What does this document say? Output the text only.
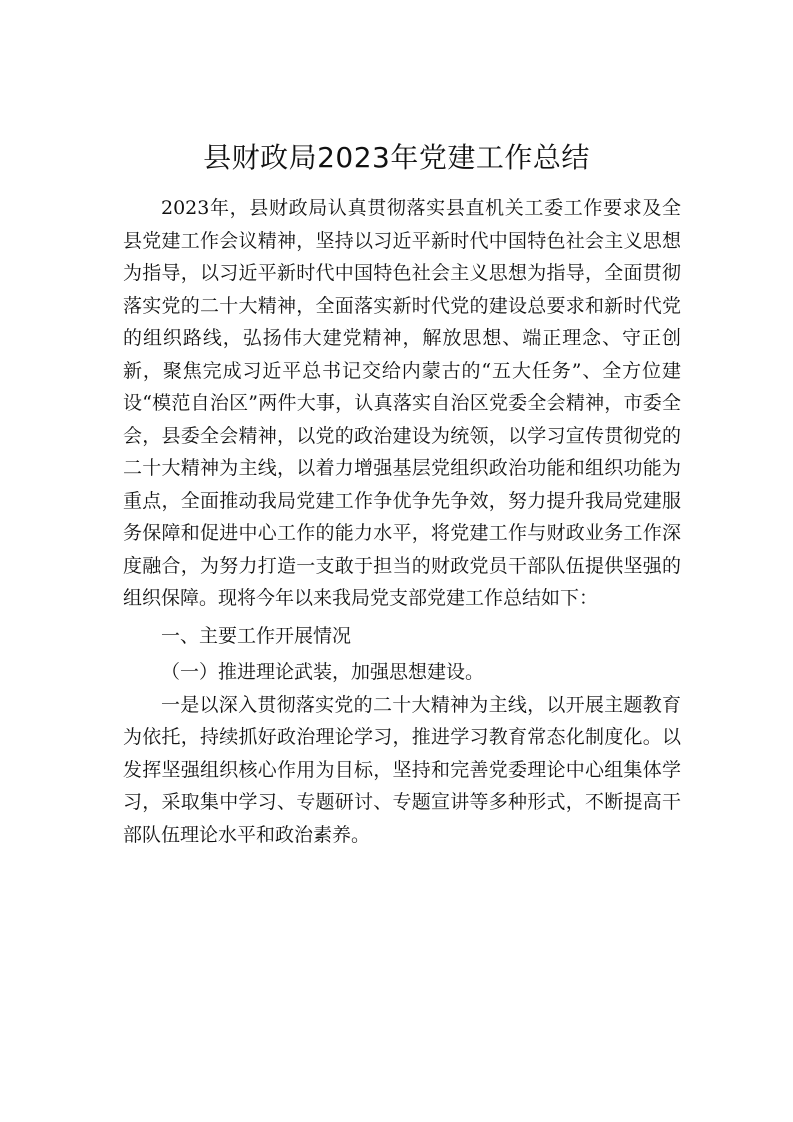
县财政局2023年党建工作总结

2023年，县财政局认真贯彻落实县直机关工委工作要求及全县党建工作会议精神，坚持以习近平新时代中国特色社会主义思想为指导，以习近平新时代中国特色社会主义思想为指导，全面贯彻落实党的二十大精神，全面落实新时代党的建设总要求和新时代党的组织路线，弘扬伟大建党精神，解放思想、端正理念、守正创新，聚焦完成习近平总书记交给内蒙古的“五大任务”、全方位建设“模范自治区”两件大事，认真落实自治区党委全会精神，市委全会，县委全会精神，以党的政治建设为统领，以学习宣传贯彻党的二十大精神为主线，以着力增强基层党组织政治功能和组织功能为重点，全面推动我局党建工作争优争先争效，努力提升我局党建服务保障和促进中心工作的能力水平，将党建工作与财政业务工作深度融合，为努力打造一支敢于担当的财政党员干部队伍提供坚强的组织保障。现将今年以来我局党支部党建工作总结如下：

一、主要工作开展情况

（一）推进理论武装，加强思想建设。

一是以深入贯彻落实党的二十大精神为主线，以开展主题教育为依托，持续抓好政治理论学习，推进学习教育常态化制度化。以发挥坚强组织核心作用为目标，坚持和完善党委理论中心组集体学习，采取集中学习、专题研讨、专题宣讲等多种形式，不断提高干部队伍理论水平和政治素养。
